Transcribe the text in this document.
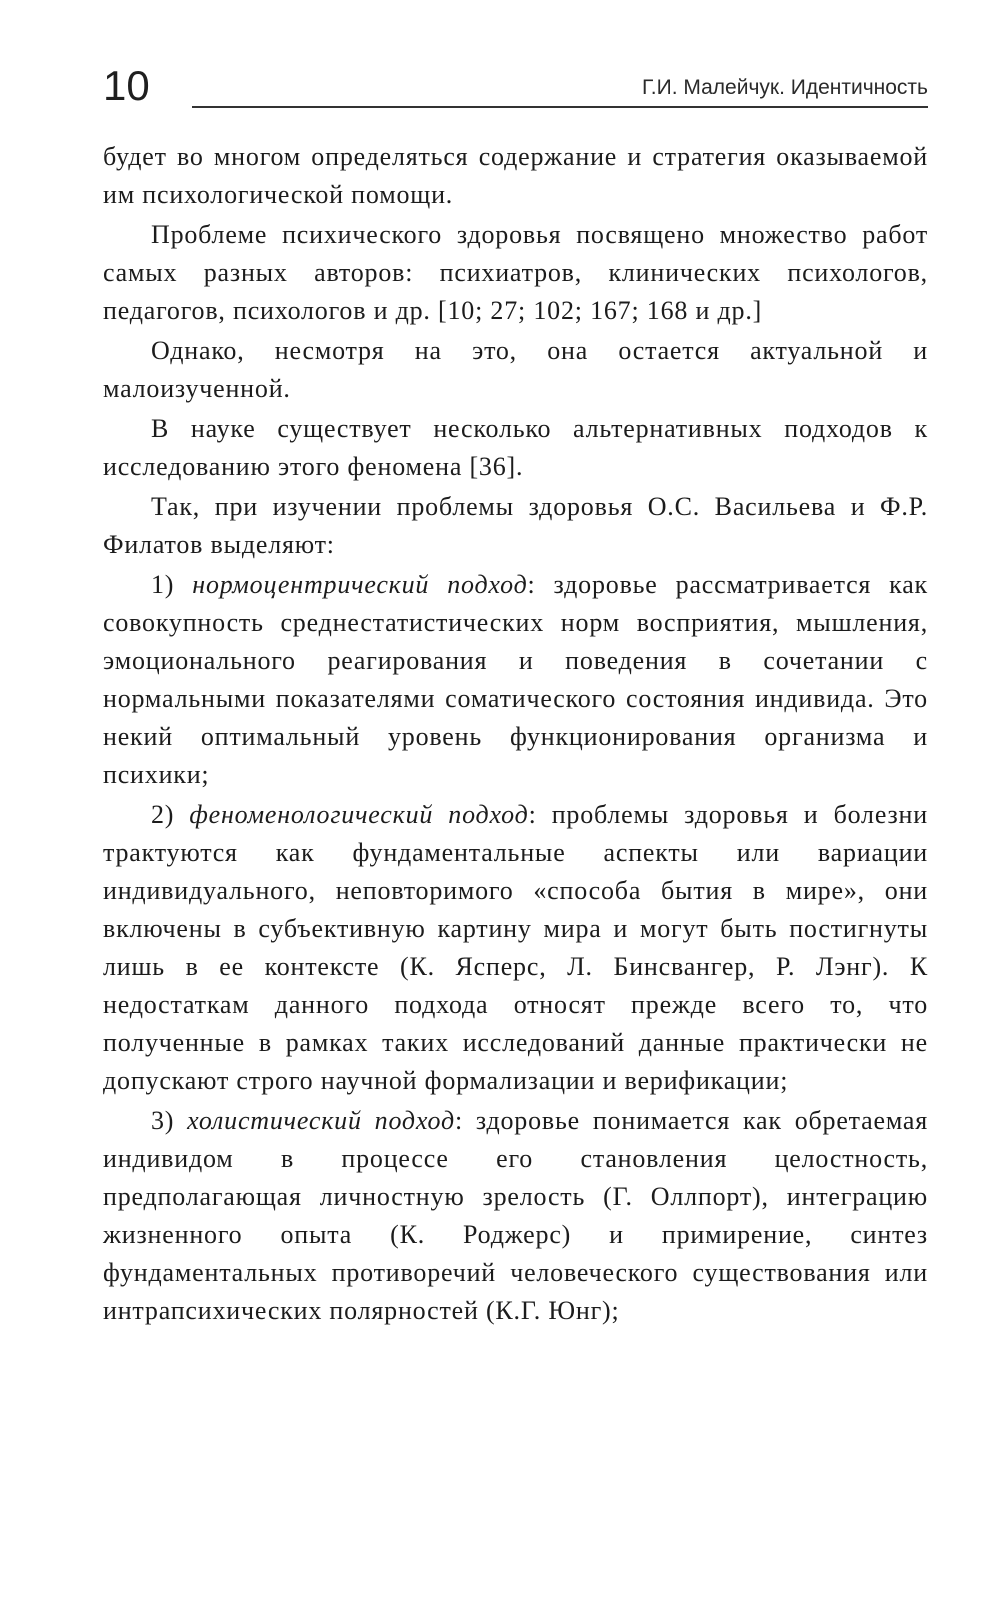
10	Г.И. Малейчук. Идентичность

будет во многом определяться содержание и стратегия оказываемой им психологической помощи.

Проблеме психического здоровья посвящено множество работ самых разных авторов: психиатров, клинических психологов, педагогов, психологов и др. [10; 27; 102; 167; 168 и др.]

Однако, несмотря на это, она остается актуальной и малоизученной.

В науке существует несколько альтернативных подходов к исследованию этого феномена [36].

Так, при изучении проблемы здоровья О.С. Васильева и Ф.Р. Филатов выделяют:

1) нормоцентрический подход: здоровье рассматривается как совокупность среднестатистических норм восприятия, мышления, эмоционального реагирования и поведения в сочетании с нормальными показателями соматического состояния индивида. Это некий оптимальный уровень функционирования организма и психики;

2) феноменологический подход: проблемы здоровья и болезни трактуются как фундаментальные аспекты или вариации индивидуального, неповторимого «способа бытия в мире», они включены в субъективную картину мира и могут быть постигнуты лишь в ее контексте (К. Ясперс, Л. Бинсвангер, Р. Лэнг). К недостаткам данного подхода относят прежде всего то, что полученные в рамках таких исследований данные практически не допускают строго научной формализации и верификации;

3) холистический подход: здоровье понимается как обретаемая индивидом в процессе его становления целостность, предполагающая личностную зрелость (Г. Оллпорт), интеграцию жизненного опыта (К. Роджерс) и примирение, синтез фундаментальных противоречий человеческого существования или интрапсихических полярностей (К.Г. Юнг);
